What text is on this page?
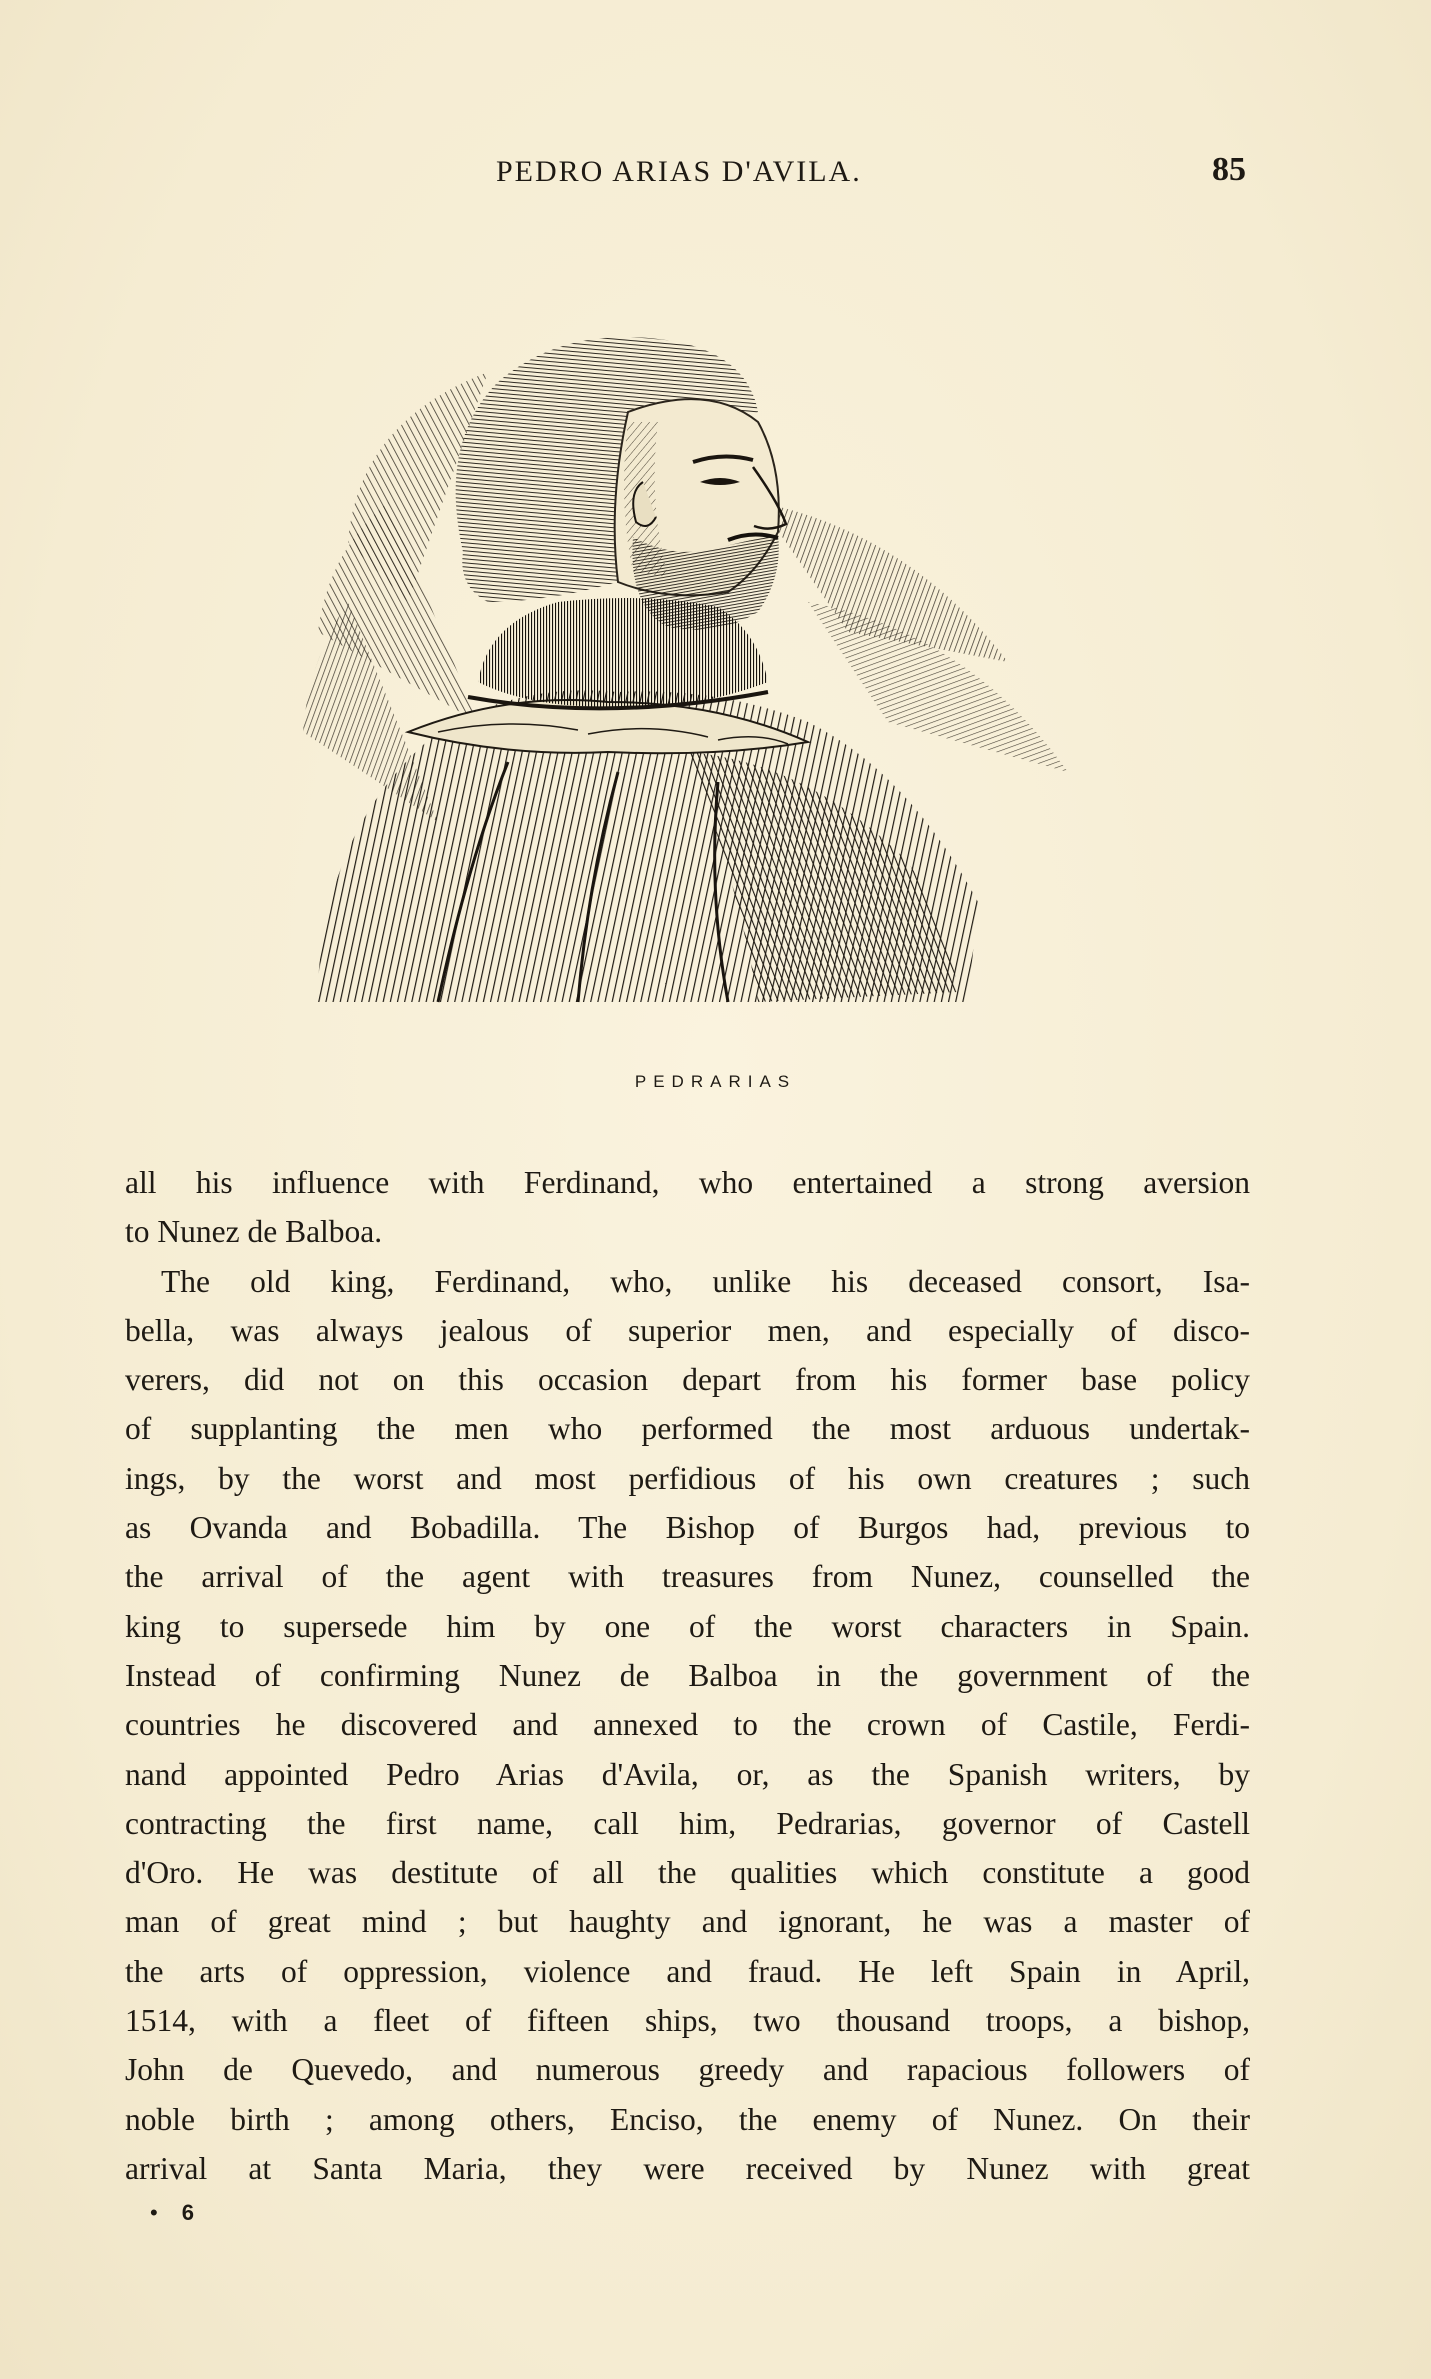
PEDRO ARIAS D'AVILA.	85
PEDRARIAS
all his influence with Ferdinand, who entertained a strong aversion
to Nunez de Balboa.
The old king, Ferdinand, who, unlike his deceased consort, Isa-
bella, was always jealous of superior men, and especially of disco-
verers, did not on this occasion depart from his former base policy
of supplanting the men who performed the most arduous undertak-
ings, by the worst and most perfidious of his own creatures ; such
as Ovanda and Bobadilla. The Bishop of Burgos had, previous to
the arrival of the agent with treasures from Nunez, counselled the
king to supersede him by one of the worst characters in Spain.
Instead of confirming Nunez de Balboa in the government of the
countries he discovered and annexed to the crown of Castile, Ferdi-
nand appointed Pedro Arias d'Avila, or, as the Spanish writers, by
contracting the first name, call him, Pedrarias, governor of Castell
d'Oro. He was destitute of all the qualities which constitute a good
man of great mind ; but haughty and ignorant, he was a master of
the arts of oppression, violence and fraud. He left Spain in April,
1514, with a fleet of fifteen ships, two thousand troops, a bishop,
John de Quevedo, and numerous greedy and rapacious followers of
noble birth ; among others, Enciso, the enemy of Nunez. On their
arrival at Santa Maria, they were received by Nunez with great
• 6
